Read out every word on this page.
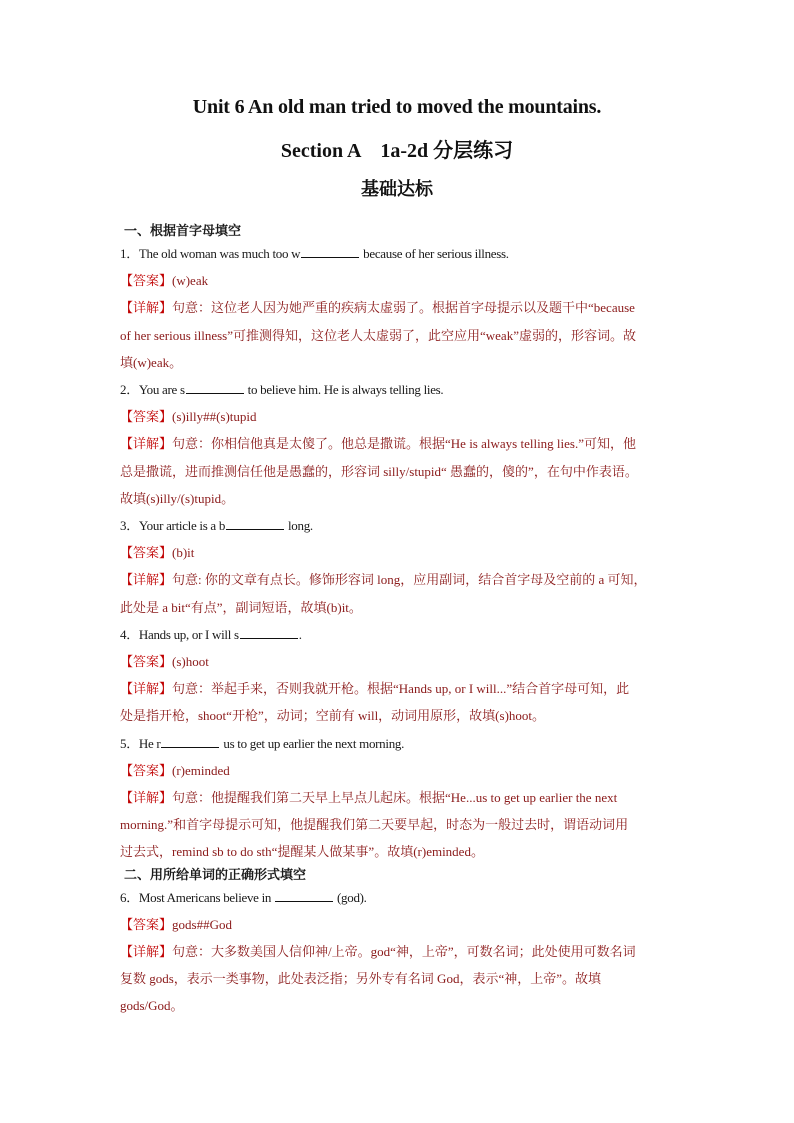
Unit 6 An old man tried to moved the mountains.
Section A　1a-2d 分层练习
基础达标
一、根据首字母填空
1．The old woman was much too w	because of her serious illness.
【答案】(w)eak
【详解】句意：这位老人因为她严重的疾病太虚弱了。根据首字母提示以及题干中“because
of her serious illness”可推测得知，这位老人太虚弱了，此空应用“weak”虚弱的，形容词。故
填(w)eak。
2．You are s	to believe him. He is always telling lies.
【答案】(s)illy##(s)tupid
【详解】句意：你相信他真是太傻了。他总是撒谎。根据“He is always telling lies.”可知，他
总是撒谎，进而推测信任他是愚蠢的，形容词 silly/stupid“ 愚蠢的，傻的”，在句中作表语。
故填(s)illy/(s)tupid。
3．Your article is a b	long.
【答案】(b)it
【详解】句意: 你的文章有点长。修饰形容词 long，应用副词，结合首字母及空前的 a 可知，
此处是 a bit“有点”，副词短语，故填(b)it。
4．Hands up, or I will s	.
【答案】(s)hoot
【详解】句意：举起手来，否则我就开枪。根据“Hands up, or I will...”结合首字母可知，此
处是指开枪，shoot“开枪”，动词；空前有 will，动词用原形，故填(s)hoot。
5．He r	us to get up earlier the next morning.
【答案】(r)eminded
【详解】句意：他提醒我们第二天早上早点儿起床。根据“He...us to get up earlier the next
morning.”和首字母提示可知，他提醒我们第二天要早起，时态为一般过去时，谓语动词用
过去式，remind sb to do sth“提醒某人做某事”。故填(r)eminded。
二、用所给单词的正确形式填空
6．Most Americans believe in	(god).
【答案】gods##God
【详解】句意：大多数美国人信仰神/上帝。god“神，上帝”，可数名词；此处使用可数名词
复数 gods，表示一类事物，此处表泛指；另外专有名词 God，表示“神，上帝”。故填
gods/God。
